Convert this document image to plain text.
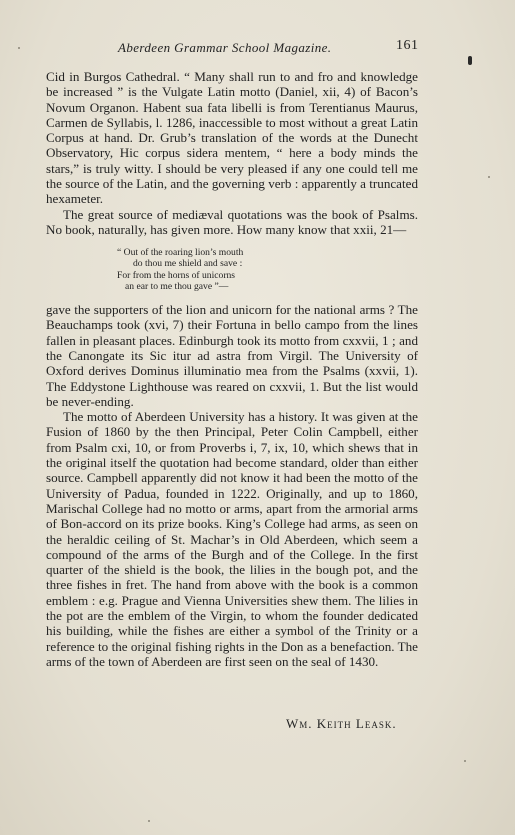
Aberdeen Grammar School Magazine.	161

Cid in Burgos Cathedral. “ Many shall run to and fro and knowledge be increased ” is the Vulgate Latin motto (Daniel, xii, 4) of Bacon’s Novum Organon. Habent sua fata libelli is from Terentianus Maurus, Carmen de Syllabis, l. 1286, inaccessible to most without a great Latin Corpus at hand. Dr. Grub’s translation of the words at the Dunecht Observatory, Hic corpus sidera mentem, “ here a body minds the stars,” is truly witty. I should be very pleased if any one could tell me the source of the Latin, and the governing verb : apparently a truncated hexameter.

The great source of mediæval quotations was the book of Psalms. No book, naturally, has given more. How many know that xxii, 21—

“ Out of the roaring lion’s mouth
do thou me shield and save :
For from the horns of unicorns
an ear to me thou gave ”—

gave the supporters of the lion and unicorn for the national arms ? The Beauchamps took (xvi, 7) their Fortuna in bello campo from the lines fallen in pleasant places. Edinburgh took its motto from cxxvii, 1 ; and the Canongate its Sic itur ad astra from Virgil. The University of Oxford derives Dominus illuminatio mea from the Psalms (xxvii, 1). The Eddystone Lighthouse was reared on cxxvii, 1. But the list would be never-ending.

The motto of Aberdeen University has a history. It was given at the Fusion of 1860 by the then Principal, Peter Colin Campbell, either from Psalm cxi, 10, or from Proverbs i, 7, ix, 10, which shews that in the original itself the quotation had become standard, older than either source. Campbell apparently did not know it had been the motto of the University of Padua, founded in 1222. Originally, and up to 1860, Marischal College had no motto or arms, apart from the armorial arms of Bon-accord on its prize books. King’s College had arms, as seen on the heraldic ceiling of St. Machar’s in Old Aberdeen, which seem a compound of the arms of the Burgh and of the College. In the first quarter of the shield is the book, the lilies in the bough pot, and the three fishes in fret. The hand from above with the book is a common emblem : e.g. Prague and Vienna Universities shew them. The lilies in the pot are the emblem of the Virgin, to whom the founder dedicated his building, while the fishes are either a symbol of the Trinity or a reference to the original fishing rights in the Don as a benefaction. The arms of the town of Aberdeen are first seen on the seal of 1430.

Wm. Keith Leask.
